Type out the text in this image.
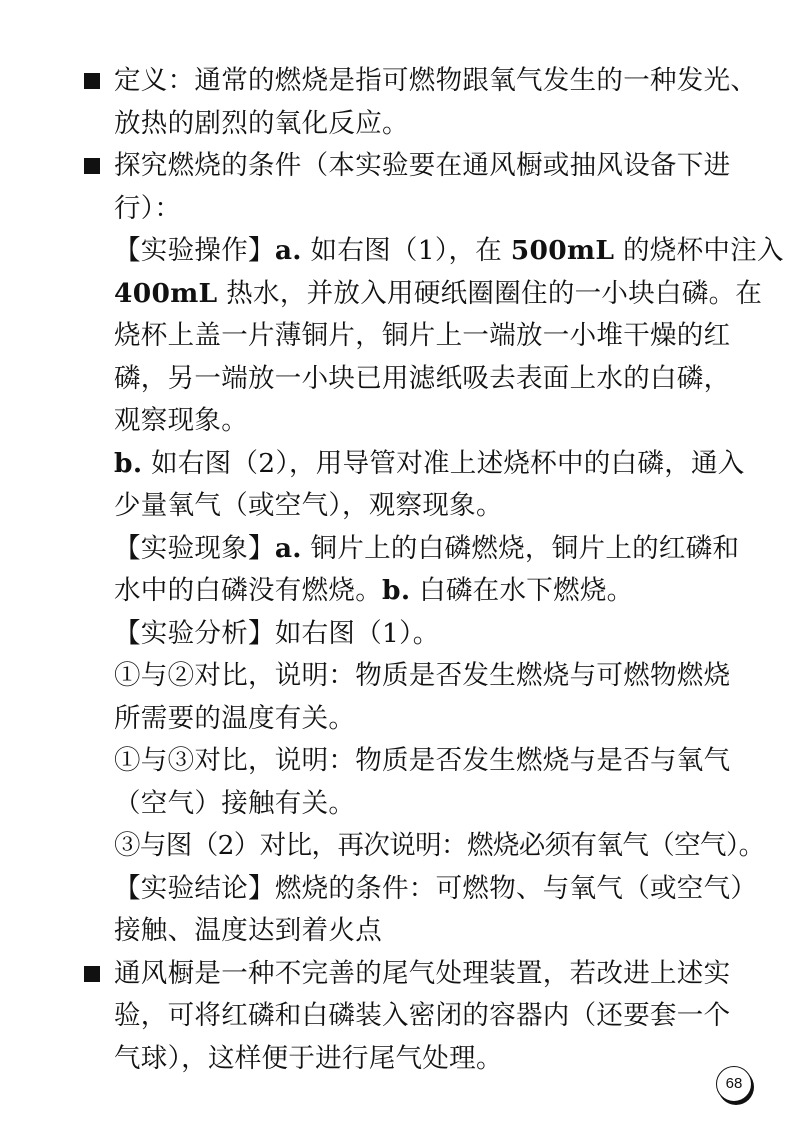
定义：通常的燃烧是指可燃物跟氧气发生的一种发光、
放热的剧烈的氧化反应。
探究燃烧的条件（本实验要在通风橱或抽风设备下进
行）：
【实验操作】a. 如右图（1），在 500mL 的烧杯中注入
400mL 热水，并放入用硬纸圈圈住的一小块白磷。在
烧杯上盖一片薄铜片，铜片上一端放一小堆干燥的红
磷，另一端放一小块已用滤纸吸去表面上水的白磷，
观察现象。
b. 如右图（2），用导管对准上述烧杯中的白磷，通入
少量氧气（或空气），观察现象。
【实验现象】a. 铜片上的白磷燃烧，铜片上的红磷和
水中的白磷没有燃烧。b. 白磷在水下燃烧。
【实验分析】如右图（1）。
①与②对比，说明：物质是否发生燃烧与可燃物燃烧
所需要的温度有关。
①与③对比，说明：物质是否发生燃烧与是否与氧气
（空气）接触有关。
③与图（2）对比，再次说明：燃烧必须有氧气（空气）。
【实验结论】燃烧的条件：可燃物、与氧气（或空气）
接触、温度达到着火点
通风橱是一种不完善的尾气处理装置，若改进上述实
验，可将红磷和白磷装入密闭的容器内（还要套一个
气球），这样便于进行尾气处理。
68
